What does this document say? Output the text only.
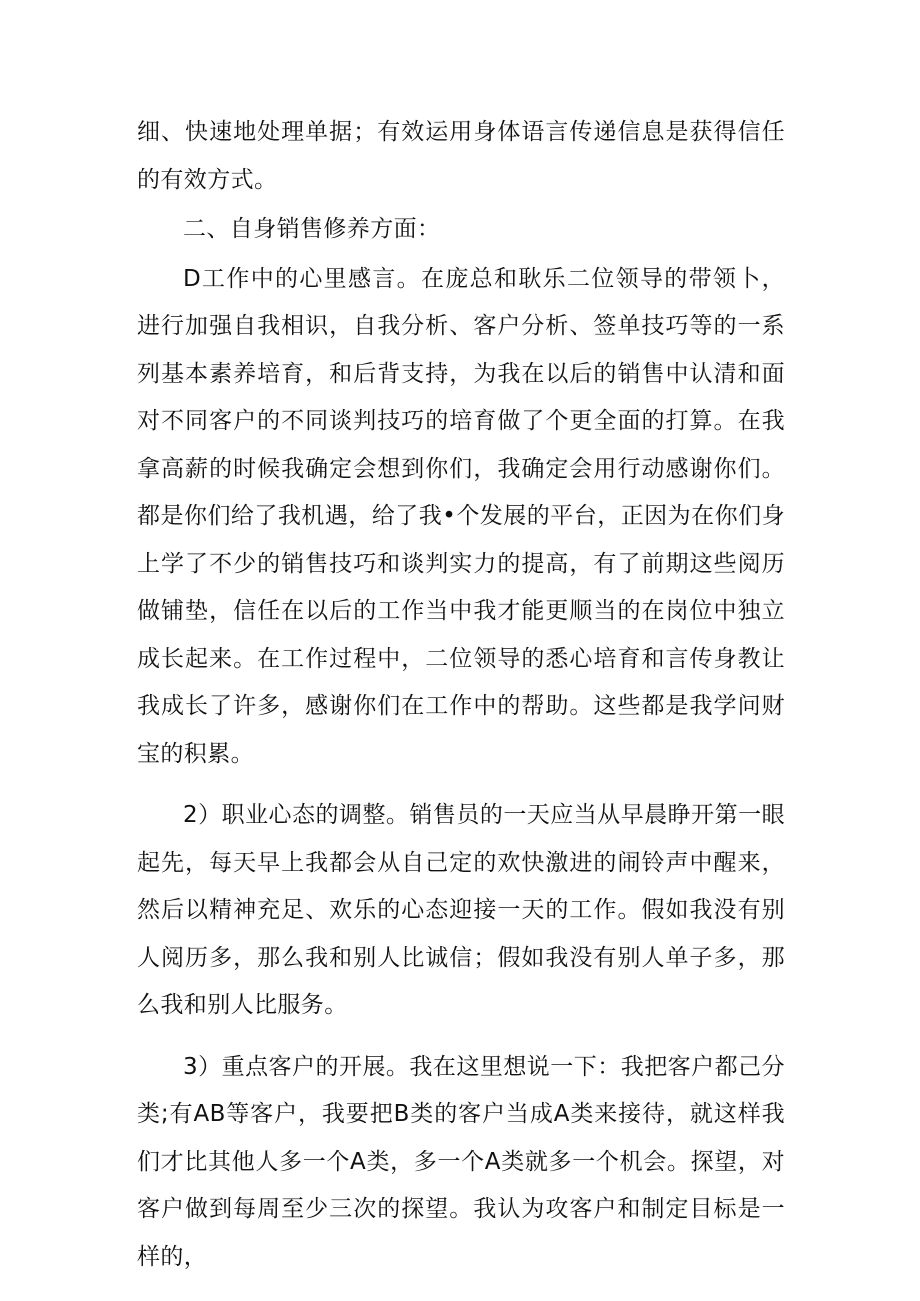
细、快速地处理单据；有效运用身体语言传递信息是获得信任的有效方式。

二、自身销售修养方面：

D工作中的心里感言。在庞总和耿乐二位领导的带领卜，进行加强自我相识，自我分析、客户分析、签单技巧等的一系列基本素养培育，和后背支持，为我在以后的销售中认清和面对不同客户的不同谈判技巧的培育做了个更全面的打算。在我拿高薪的时候我确定会想到你们，我确定会用行动感谢你们。都是你们给了我机遇，给了我•个发展的平台，正因为在你们身上学了不少的销售技巧和谈判实力的提高，有了前期这些阅历做铺垫，信任在以后的工作当中我才能更顺当的在岗位中独立成长起来。在工作过程中，二位领导的悉心培育和言传身教让我成长了许多，感谢你们在工作中的帮助。这些都是我学问财宝的积累。

2）职业心态的调整。销售员的一天应当从早晨睁开第一眼起先，每天早上我都会从自己定的欢快激进的闹铃声中醒来，然后以精神充足、欢乐的心态迎接一天的工作。假如我没有别人阅历多，那么我和别人比诚信；假如我没有别人单子多，那么我和别人比服务。

3）重点客户的开展。我在这里想说一下：我把客户都己分类;有AB等客户，我要把B类的客户当成A类来接待，就这样我们才比其他人多一个A类，多一个A类就多一个机会。探望，对客户做到每周至少三次的探望。我认为攻客户和制定目标是一样的，
